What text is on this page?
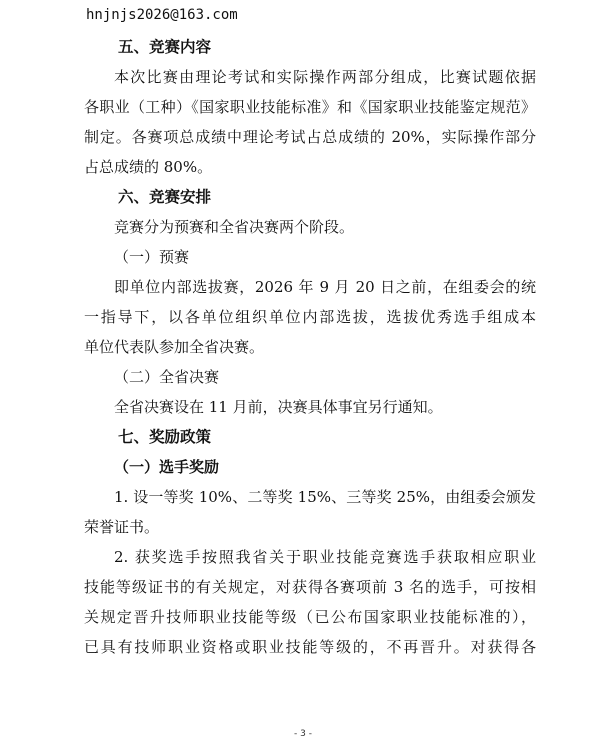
hnjnjs2026@163.com
五、竞赛内容
本次比赛由理论考试和实际操作两部分组成，比赛试题依据
各职业（工种）《国家职业技能标准》和《国家职业技能鉴定规范》
制定。各赛项总成绩中理论考试占总成绩的 20%，实际操作部分
占总成绩的 80%。
六、竞赛安排
竞赛分为预赛和全省决赛两个阶段。
（一）预赛
即单位内部选拔赛，2026 年 9 月 20 日之前，在组委会的统
一指导下，以各单位组织单位内部选拔，选拔优秀选手组成本
单位代表队参加全省决赛。
（二）全省决赛
全省决赛设在 11 月前，决赛具体事宜另行通知。
七、奖励政策
（一）选手奖励
1. 设一等奖 10%、二等奖 15%、三等奖 25%，由组委会颁发
荣誉证书。
2. 获奖选手按照我省关于职业技能竞赛选手获取相应职业
技能等级证书的有关规定，对获得各赛项前 3 名的选手，可按相
关规定晋升技师职业技能等级（已公布国家职业技能标准的），
已具有技师职业资格或职业技能等级的，不再晋升。对获得各
- 3 -
